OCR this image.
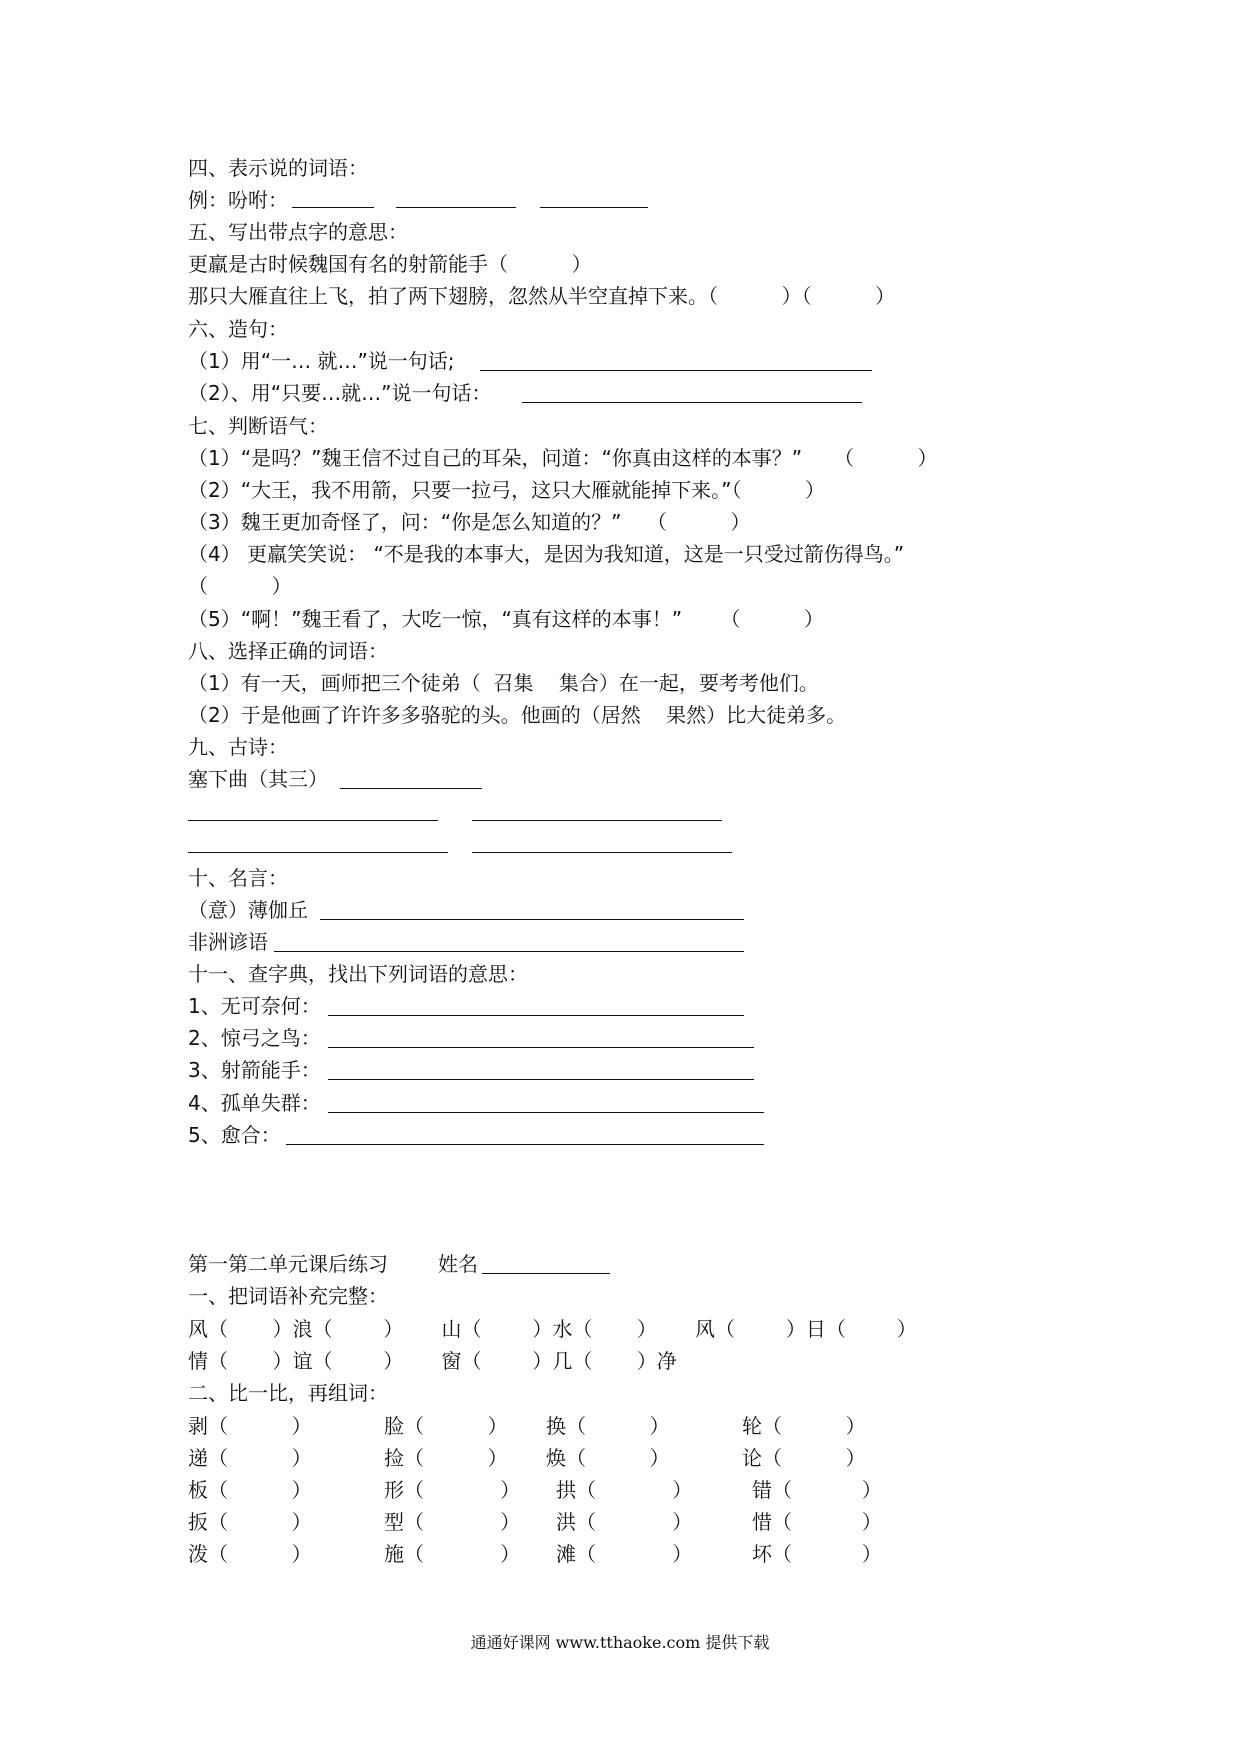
四、表示说的词语：
例：吩咐：
五、写出带点字的意思：
更羸是古时候魏国有名的射箭能手（          ）
那只大雁直往上飞，拍了两下翅膀，忽然从半空直掉下来。（          ）（          ）
六、造句：
（1）用“一… 就…”说一句话;
（2）、用“只要…就…”说一句话：
七、判断语气：
（1）“是吗？”魏王信不过自己的耳朵，问道：“你真由这样的本事？”     （          ）
（2）“大王，我不用箭，只要一拉弓，这只大雁就能掉下来。”（          ）
（3）魏王更加奇怪了，问：“你是怎么知道的？”    （          ）
（4） 更羸笑笑说： “不是我的本事大，是因为我知道，这是一只受过箭伤得鸟。”
（          ）
（5）“啊！”魏王看了，大吃一惊，“真有这样的本事！”      （          ）
八、选择正确的词语：
（1）有一天，画师把三个徒弟（  召集    集合）在一起，要考考他们。
（2）于是他画了许许多多骆驼的头。他画的（居然    果然）比大徒弟多。
九、古诗：
塞下曲（其三）
十、名言：
（意）薄伽丘
非洲谚语
十一、查字典，找出下列词语的意思：
1、无可奈何：
2、惊弓之鸟：
3、射箭能手：
4、孤单失群：
5、愈合：
第一第二单元课后练习	姓名
一、把词语补充完整：
风（       ）浪（        ）      山（        ）水（       ）      风（        ）日（        ）
情（       ）谊（        ）      窗（        ）几（       ）净
二、比一比，再组词：
剥（          ）	脸（          ） 换（          ）	轮（          ）
递（          ）	捡（          ） 焕（          ）	论（          ）
板（          ）	形（            ） 拱（            ）	错（           ）
扳（          ）	型（            ） 洪（            ）	惜（           ）
泼（          ）	施（            ） 滩（            ）	坏（           ）
通通好课网 www.tthaoke.com 提供下载
